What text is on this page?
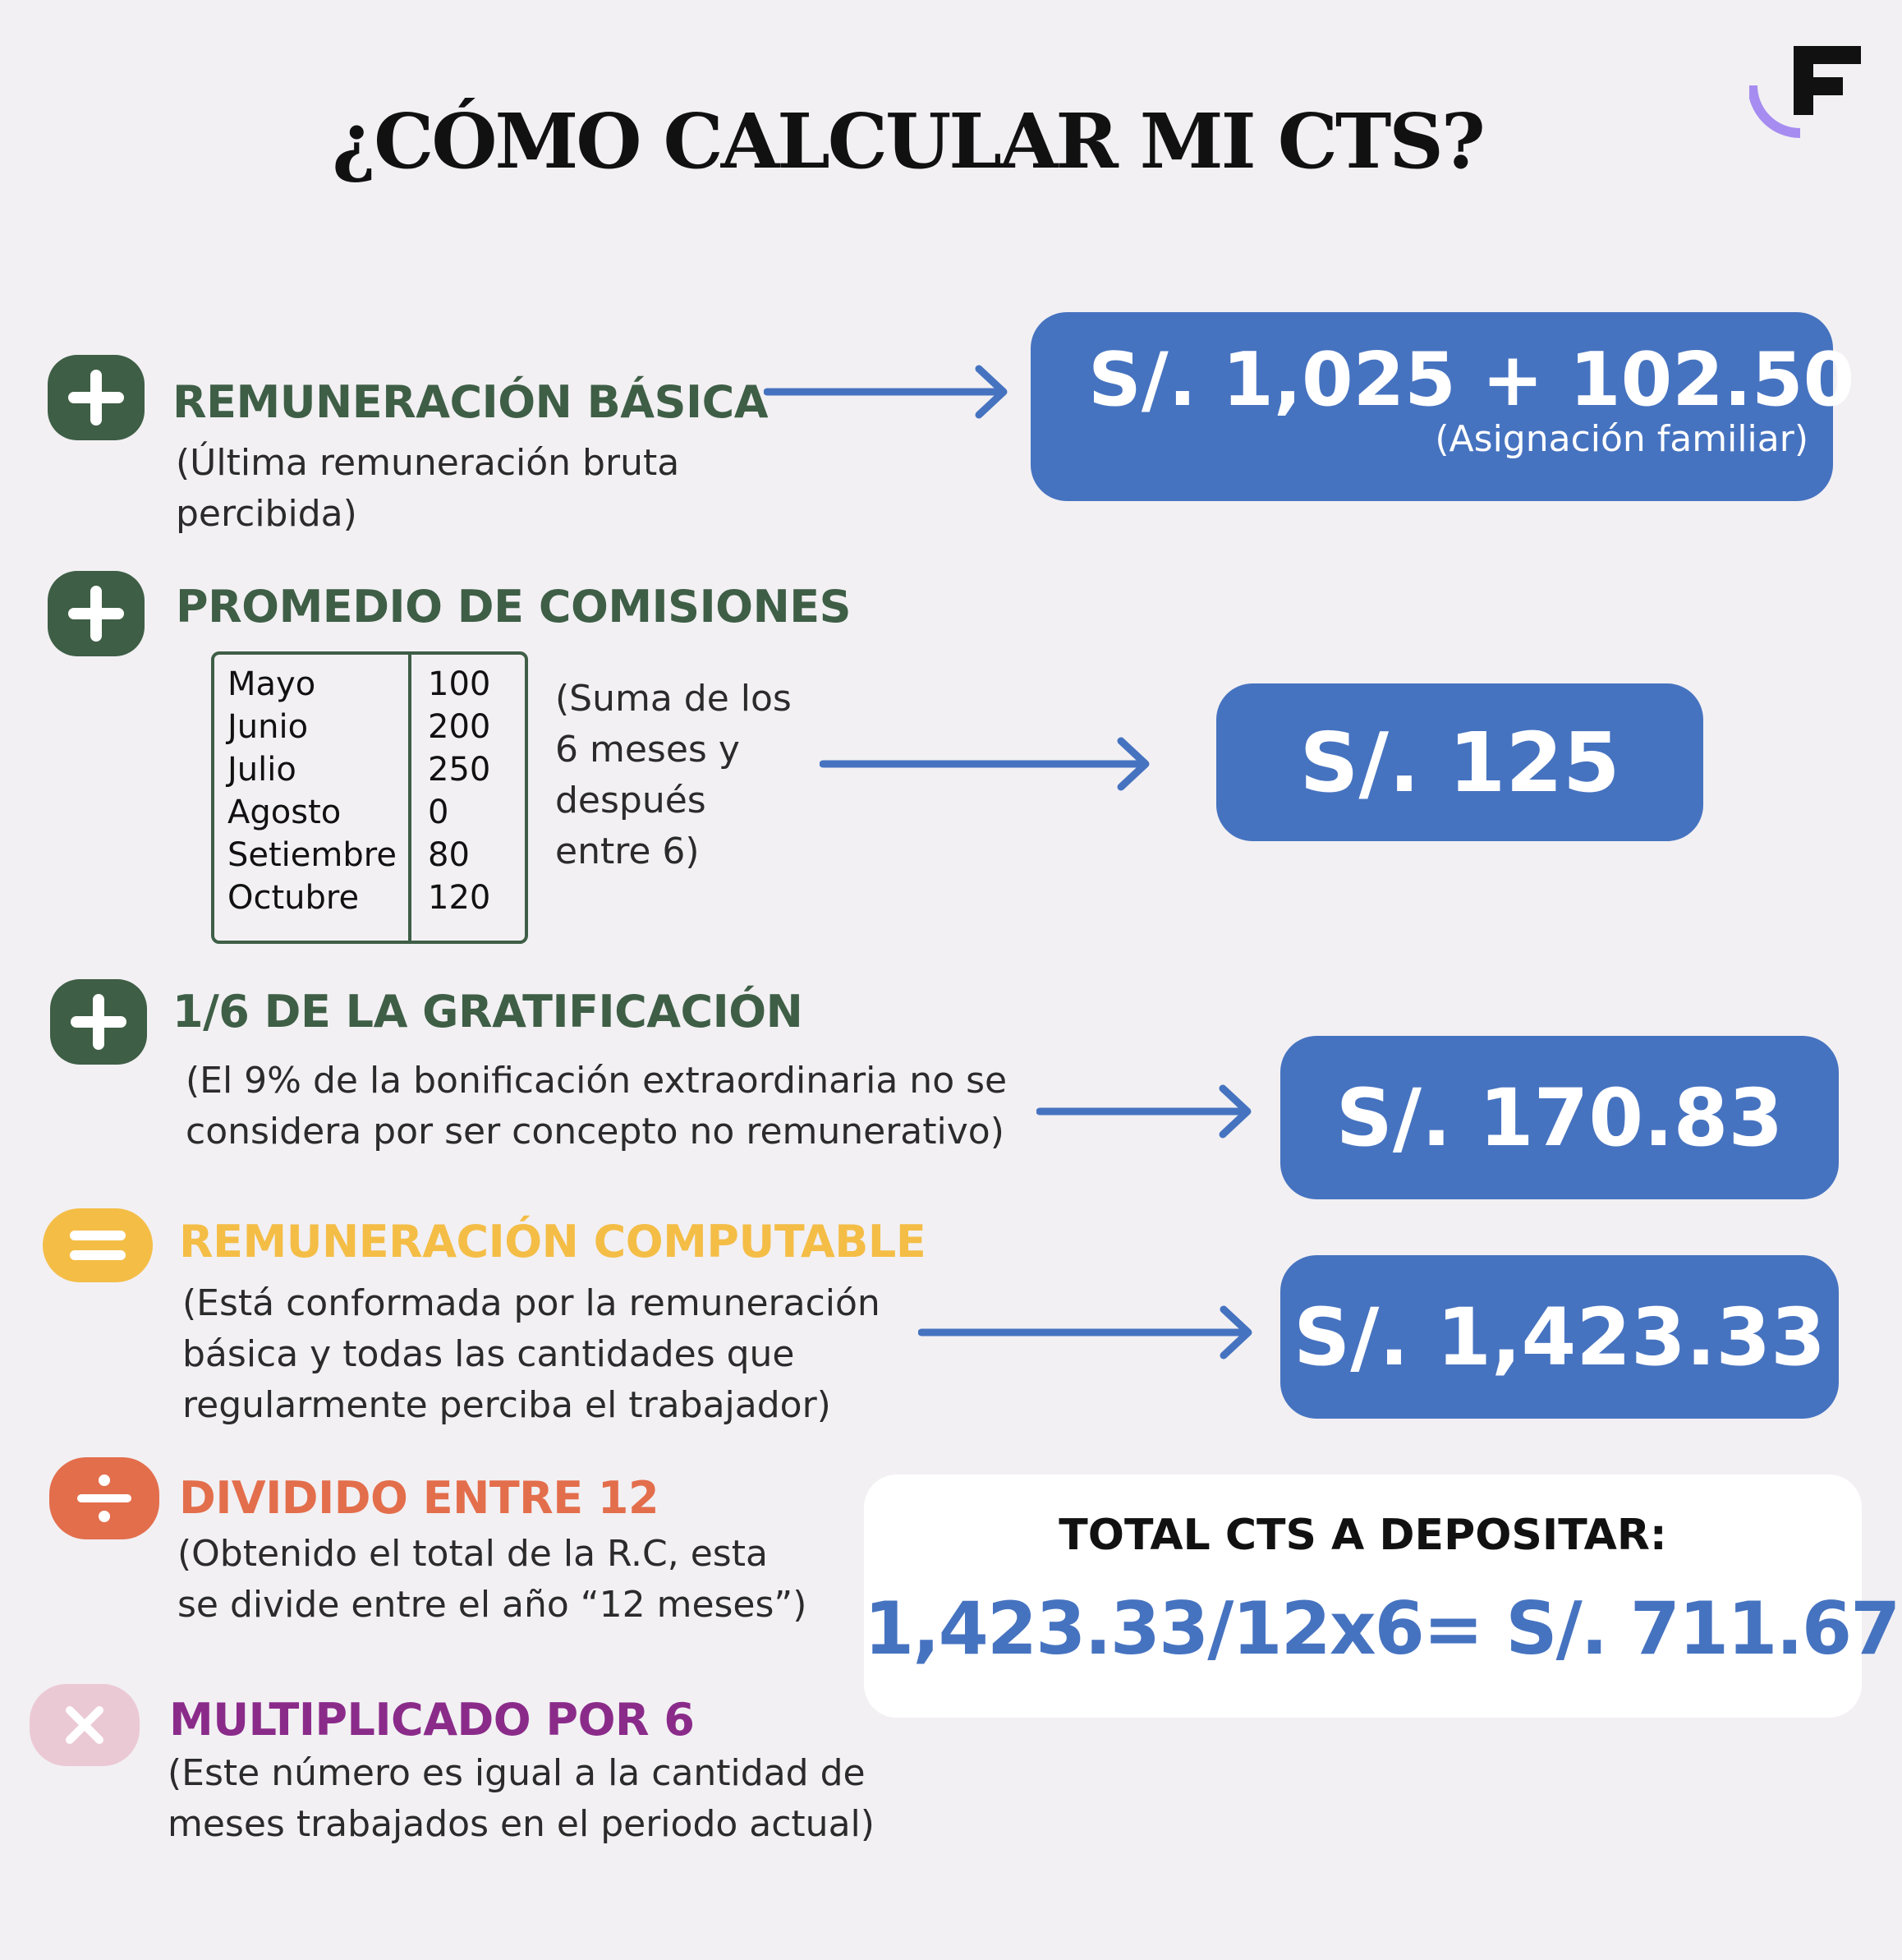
¿CÓMO CALCULAR MI CTS?
REMUNERACIÓN BÁSICA
(Última remuneración bruta
percibida)
S/. 1,025 + 102.50
(Asignación familiar)
PROMEDIO DE COMISIONES
Mayo
Junio
Julio
Agosto
Setiembre
Octubre
100
200
250
0
80
120
(Suma de los
6 meses y
después
entre 6)
S/. 125
1/6 DE LA GRATIFICACIÓN
(El 9% de la bonificación extraordinaria no se
considera por ser concepto no remunerativo)	S/. 170.83
REMUNERACIÓN COMPUTABLE
(Está conformada por la remuneración
básica y todas las cantidades que
regularmente perciba el trabajador)
S/. 1,423.33
DIVIDIDO ENTRE 12
(Obtenido el total de la R.C, esta
se divide entre el año “12 meses”)
MULTIPLICADO POR 6
(Este número es igual a la cantidad de
meses trabajados en el periodo actual)
TOTAL CTS A DEPOSITAR:
1,423.33/12x6= S/. 711.67
